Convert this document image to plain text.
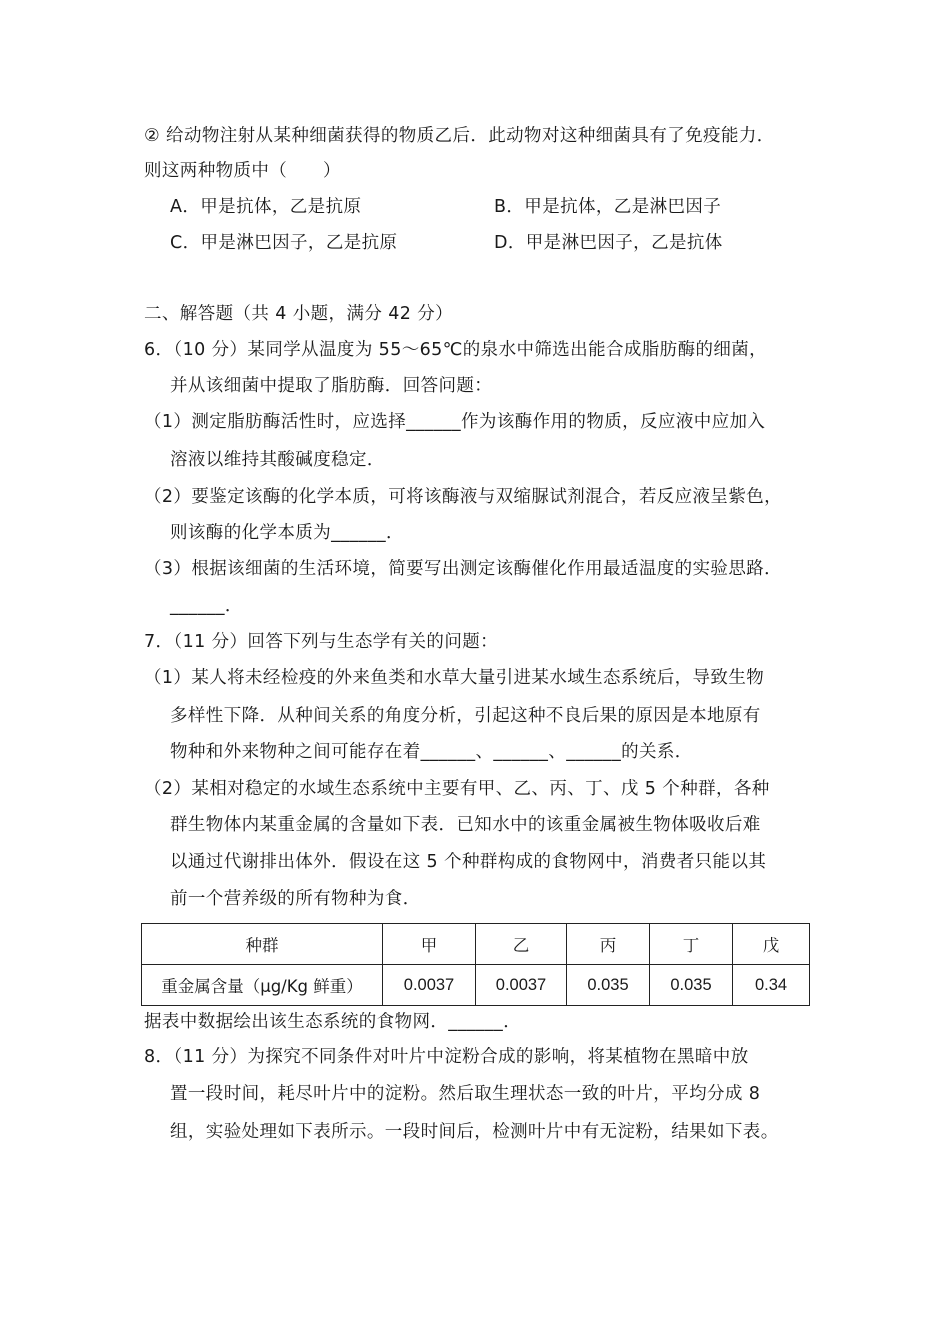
② 给动物注射从某种细菌获得的物质乙后．此动物对这种细菌具有了免疫能力．
则这两种物质中（　　）
A．甲是抗体，乙是抗原	B．甲是抗体，乙是淋巴因子
C．甲是淋巴因子，乙是抗原	D．甲是淋巴因子，乙是抗体
二、解答题（共 4 小题，满分 42 分）
6．（10 分）某同学从温度为 55～65℃的泉水中筛选出能合成脂肪酶的细菌，
并从该细菌中提取了脂肪酶．回答问题：
（1）测定脂肪酶活性时，应选择______作为该酶作用的物质，反应液中应加入
溶液以维持其酸碱度稳定．
（2）要鉴定该酶的化学本质，可将该酶液与双缩脲试剂混合，若反应液呈紫色，
则该酶的化学本质为______．
（3）根据该细菌的生活环境，简要写出测定该酶催化作用最适温度的实验思路．
______．
7．（11 分）回答下列与生态学有关的问题：
（1）某人将未经检疫的外来鱼类和水草大量引进某水域生态系统后，导致生物
多样性下降．从种间关系的角度分析，引起这种不良后果的原因是本地原有
物种和外来物种之间可能存在着______、______、______的关系．
（2）某相对稳定的水域生态系统中主要有甲、乙、丙、丁、戊 5 个种群，各种
群生物体内某重金属的含量如下表．已知水中的该重金属被生物体吸收后难
以通过代谢排出体外．假设在这 5 个种群构成的食物网中，消费者只能以其
前一个营养级的所有物种为食．
种群	甲	乙	丙	丁	戊
重金属含量（μg/Kg 鲜重）	0.0037	0.0037	0.035	0.035	0.34
据表中数据绘出该生态系统的食物网．______．
8．（11 分）为探究不同条件对叶片中淀粉合成的影响，将某植物在黑暗中放
置一段时间，耗尽叶片中的淀粉。然后取生理状态一致的叶片，平均分成 8
组，实验处理如下表所示。一段时间后，检测叶片中有无淀粉，结果如下表。
